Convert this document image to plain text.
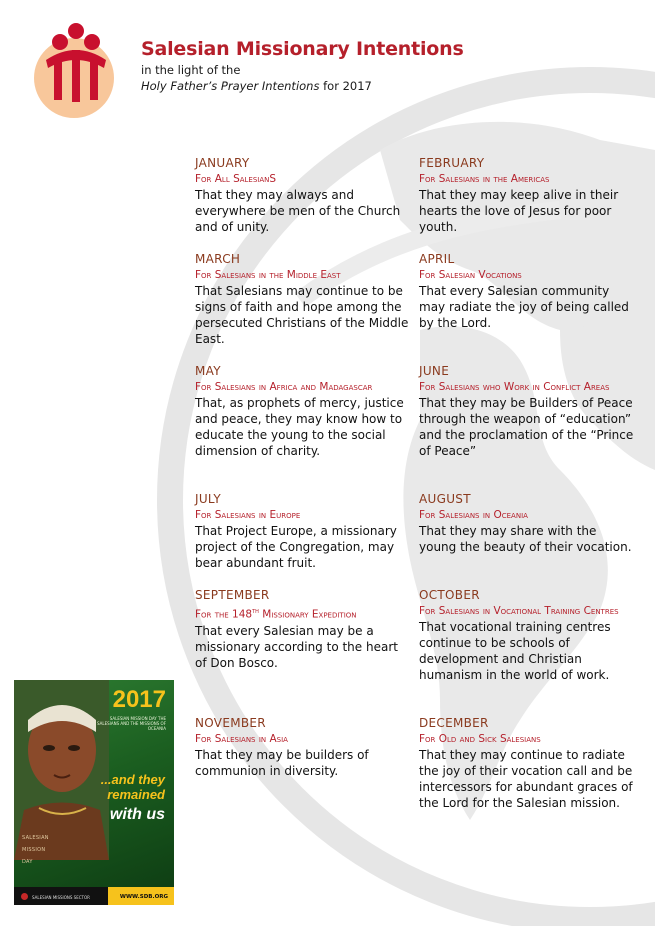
Salesian Missionary Intentions
in the light of the
Holy Father’s Prayer Intentions for 2017
JANUARY
For All SalesianS
That they may always and everywhere be men of the Church and of unity.
FEBRUARY
For Salesians in the Americas
That they may keep alive in their hearts the love of Jesus for poor youth.
MARCH
For Salesians in the Middle East
That Salesians may continue to be signs of faith and hope among the persecuted Christians of the Middle East.
APRIL
For Salesian Vocations
That every Salesian community may radiate the joy of being called by the Lord.
MAY
For Salesians in Africa and Madagascar
That, as prophets of mercy, justice and peace, they may know how to educate the young to the social dimension of charity.
JUNE
For Salesians who Work in Conflict Areas
That they may be Builders of Peace through the weapon of “education” and the proclamation of the “Prince of Peace”
JULY
For Salesians in Europe
That Project Europe, a missionary project of the Congregation, may bear abundant fruit.
AUGUST
For Salesians in Oceania
That they may share with the young the beauty of their vocation.
SEPTEMBER
For the 148th Missionary Expedition
That every Salesian may be a missionary according to the heart of Don Bosco.
OCTOBER
For Salesians in Vocational Training Centres
That vocational training centres continue to be schools of development and Christian humanism in the world of work.
NOVEMBER
For Salesians in Asia
That they may be builders of communion in diversity.
DECEMBER
For Old and Sick Salesians
That they may continue to radiate the joy of their vocation call and be intercessors for abundant graces of the Lord for the Salesian mission.
2017
SALESIAN MISSION DAY THE SALESIANS AND THE MISSIONS OF OCEANIA
...and they
remained
with us
SALESIAN
MISSION
DAY
SALESIAN MISSIONS SECTOR	WWW.SDB.ORG
